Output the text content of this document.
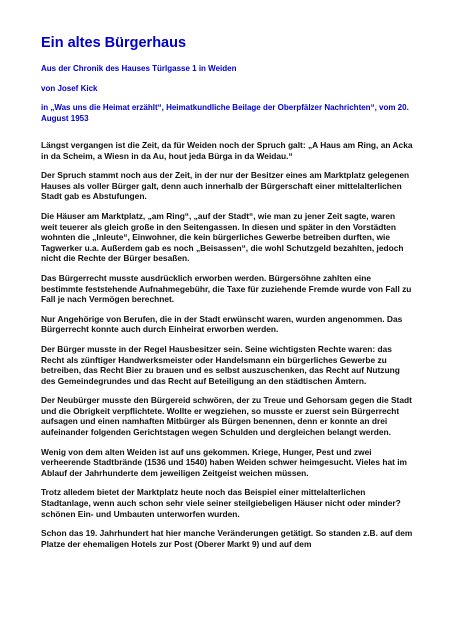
Ein altes Bürgerhaus

Aus der Chronik des Hauses Türlgasse 1 in Weiden

von Josef Kick

in „Was uns die Heimat erzählt“, Heimatkundliche Beilage der Oberpfälzer Nachrichten“, vom 20. August 1953

Längst vergangen ist die Zeit, da für Weiden noch der Spruch galt: „A Haus am Ring, an Acka in da Scheim, a Wiesn in da Au, hout jeda Bürga in da Weidau.“

Der Spruch stammt noch aus der Zeit, in der nur der Besitzer eines am Marktplatz gelegenen Hauses als voller Bürger galt, denn auch innerhalb der Bürgerschaft einer mittelalterlichen Stadt gab es Abstufungen.

Die Häuser am Marktplatz, „am Ring“, „auf der Stadt“, wie man zu jener Zeit sagte, waren weit teuerer als gleich große in den Seitengassen. In diesen und später in den Vorstädten wohnten die „Inleute“, Einwohner, die kein bürgerliches Gewerbe betreiben durften, wie Tagwerker u.a. Außerdem gab es noch „Beisassen“, die wohl Schutzgeld bezahlten, jedoch nicht die Rechte der Bürger besaßen.

Das Bürgerrecht musste ausdrücklich erworben werden. Bürgersöhne zahlten eine bestimmte feststehende Aufnahmegebühr, die Taxe für zuziehende Fremde wurde von Fall zu Fall je nach Vermögen berechnet.

Nur Angehörige von Berufen, die in der Stadt erwünscht waren, wurden angenommen. Das Bürgerrecht konnte auch durch Einheirat erworben werden.

Der Bürger musste in der Regel Hausbesitzer sein. Seine wichtigsten Rechte waren: das Recht als zünftiger Handwerksmeister oder Handelsmann ein bürgerliches Gewerbe zu betreiben, das Recht Bier zu brauen und es selbst auszuschenken, das Recht auf Nutzung des Gemeindegrundes und das Recht auf Beteiligung an den städtischen Ämtern.

Der Neubürger musste den Bürgereid schwören, der zu Treue und Gehorsam gegen die Stadt und die Obrigkeit verpflichtete. Wollte er wegziehen, so musste er zuerst sein Bürgerrecht aufsagen und einen namhaften Mitbürger als Bürgen benennen, denn er konnte an drei aufeinander folgenden Gerichtstagen wegen Schulden und dergleichen belangt werden.

Wenig von dem alten Weiden ist auf uns gekommen. Kriege, Hunger, Pest und zwei verheerende Stadtbrände (1536 und 1540) haben Weiden schwer heimgesucht. Vieles hat im Ablauf der Jahrhunderte dem jeweiligen Zeitgeist weichen müssen.

Trotz alledem bietet der Marktplatz heute noch das Beispiel einer mittelalterlichen Stadtanlage, wenn auch schon sehr viele seiner steilgiebeligen Häuser nicht oder minder? schönen Ein- und Umbauten unterworfen wurden.

Schon das 19. Jahrhundert hat hier manche Veränderungen getätigt. So standen z.B. auf dem Platze der ehemaligen Hotels zur Post (Oberer Markt 9) und auf dem
